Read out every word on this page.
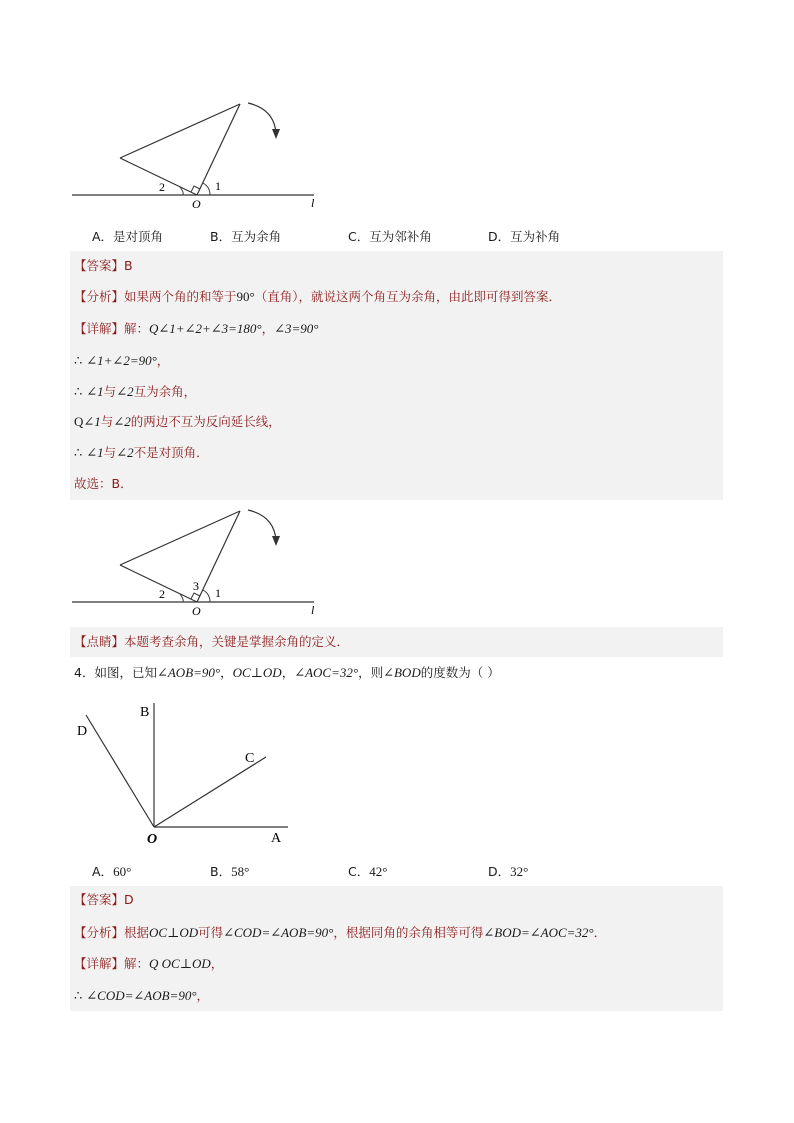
2	1
O	l
A．是对顶角	B．互为余角	C．互为邻补角	D．互为补角
【答案】B
【分析】如果两个角的和等于90°（直角），就说这两个角互为余角，由此即可得到答案．
【详解】解：Q∠1+∠2+∠3=180°，∠3=90°
∴ ∠1+∠2=90°，
∴ ∠1与∠2互为余角，
Q∠1与∠2的两边不互为反向延长线，
∴ ∠1与∠2不是对顶角．
故选：B．
3
2	1
O	l
【点睛】本题考查余角，关键是掌握余角的定义．
4．如图，已知∠AOB=90°，OC⊥OD，∠AOC=32°，则∠BOD的度数为（ ）
D
B
C
O	A
A．60°	B．58°	C．42°	D．32°
【答案】D
【分析】根据OC⊥OD可得∠COD=∠AOB=90°，根据同角的余角相等可得∠BOD=∠AOC=32°．
【详解】解：Q OC⊥OD，
∴ ∠COD=∠AOB=90°，
